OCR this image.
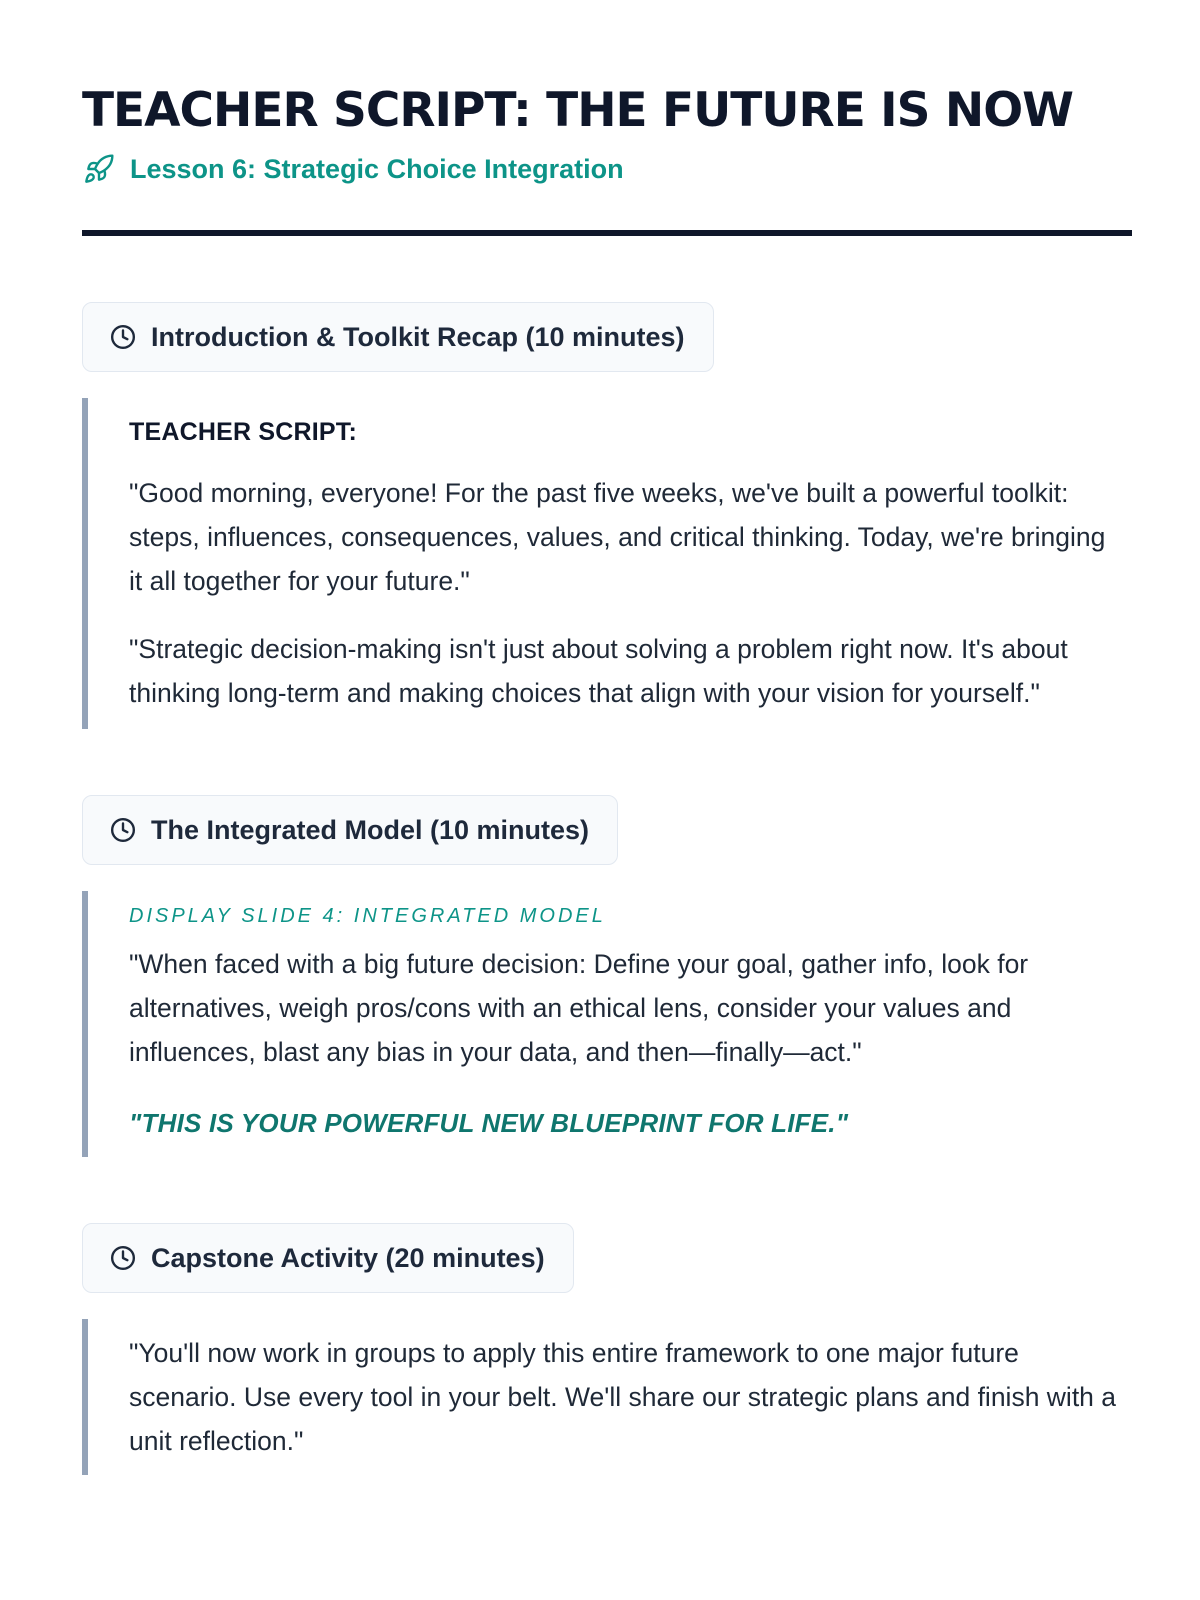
TEACHER SCRIPT: THE FUTURE IS NOW
Lesson 6: Strategic Choice Integration
Introduction & Toolkit Recap (10 minutes)
TEACHER SCRIPT:

"Good morning, everyone! For the past five weeks, we've built a powerful toolkit: steps, influences, consequences, values, and critical thinking. Today, we're bringing it all together for your future."

"Strategic decision-making isn't just about solving a problem right now. It's about thinking long-term and making choices that align with your vision for yourself."

The Integrated Model (10 minutes)
DISPLAY SLIDE 4: INTEGRATED MODEL

"When faced with a big future decision: Define your goal, gather info, look for alternatives, weigh pros/cons with an ethical lens, consider your values and influences, blast any bias in your data, and then—finally—act."

"THIS IS YOUR POWERFUL NEW BLUEPRINT FOR LIFE."

Capstone Activity (20 minutes)

"You'll now work in groups to apply this entire framework to one major future scenario. Use every tool in your belt. We'll share our strategic plans and finish with a unit reflection."
